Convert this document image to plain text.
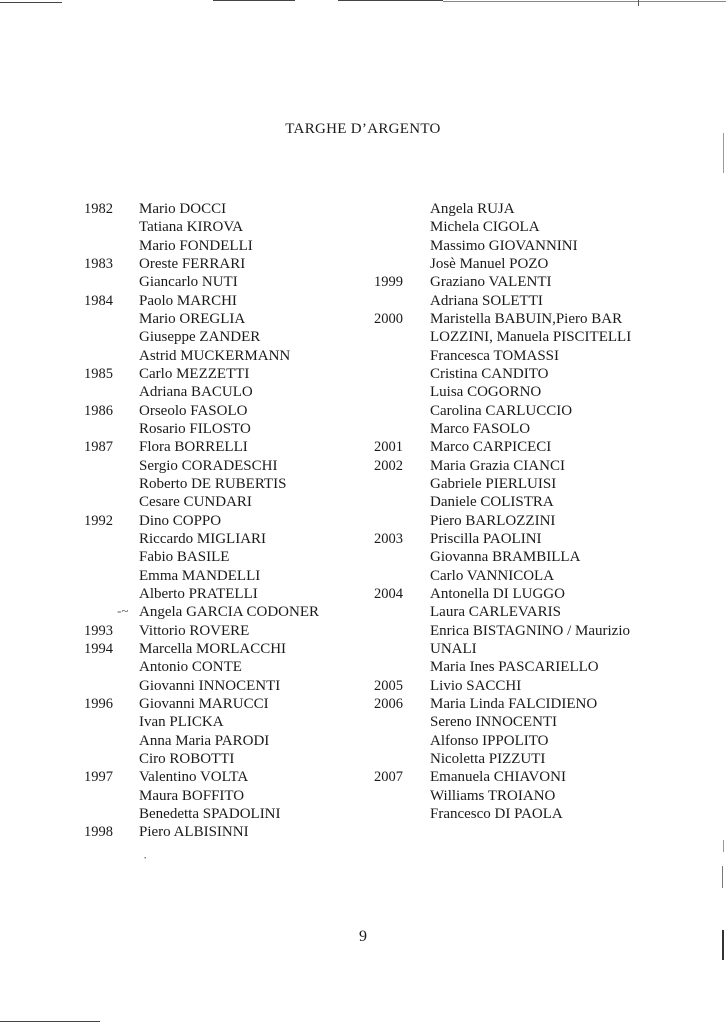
TARGHE D’ARGENTO
1982 Mario DOCCI
Tatiana KIROVA
Mario FONDELLI
1983 Oreste FERRARI
Giancarlo NUTI
1984 Paolo MARCHI
Mario OREGLIA
Giuseppe ZANDER
Astrid MUCKERMANN
1985 Carlo MEZZETTI
Adriana BACULO
1986 Orseolo FASOLO
Rosario FILOSTO
1987 Flora BORRELLI
Sergio CORADESCHI
Roberto DE RUBERTIS
Cesare CUNDARI
1992 Dino COPPO
Riccardo MIGLIARI
Fabio BASILE
Emma MANDELLI
Alberto PRATELLI
-~ Angela GARCIA CODONER
1993 Vittorio ROVERE
1994 Marcella MORLACCHI
Antonio CONTE
Giovanni INNOCENTI
1996 Giovanni MARUCCI
Ivan PLICKA
Anna Maria PARODI
Ciro ROBOTTI
1997 Valentino VOLTA
Maura BOFFITO
Benedetta SPADOLINI
1998 Piero ALBISINNI
Angela RUJA
Michela CIGOLA
Massimo GIOVANNINI
Josè Manuel POZO
1999 Graziano VALENTI
Adriana SOLETTI
2000 Maristella BABUIN,Piero BAR
LOZZINI, Manuela PISCITELLI
Francesca TOMASSI
Cristina CANDITO
Luisa COGORNO
Carolina CARLUCCIO
Marco FASOLO
2001 Marco CARPICECI
2002 Maria Grazia CIANCI
Gabriele PIERLUISI
Daniele COLISTRA
Piero BARLOZZINI
2003 Priscilla PAOLINI
Giovanna BRAMBILLA
Carlo VANNICOLA
2004 Antonella DI LUGGO
Laura CARLEVARIS
Enrica BISTAGNINO / Maurizio
UNALI
Maria Ines PASCARIELLO
2005 Livio SACCHI
2006 Maria Linda FALCIDIENO
Sereno INNOCENTI
Alfonso IPPOLITO
Nicoletta PIZZUTI
2007 Emanuela CHIAVONI
Williams TROIANO
Francesco DI PAOLA
·
9
